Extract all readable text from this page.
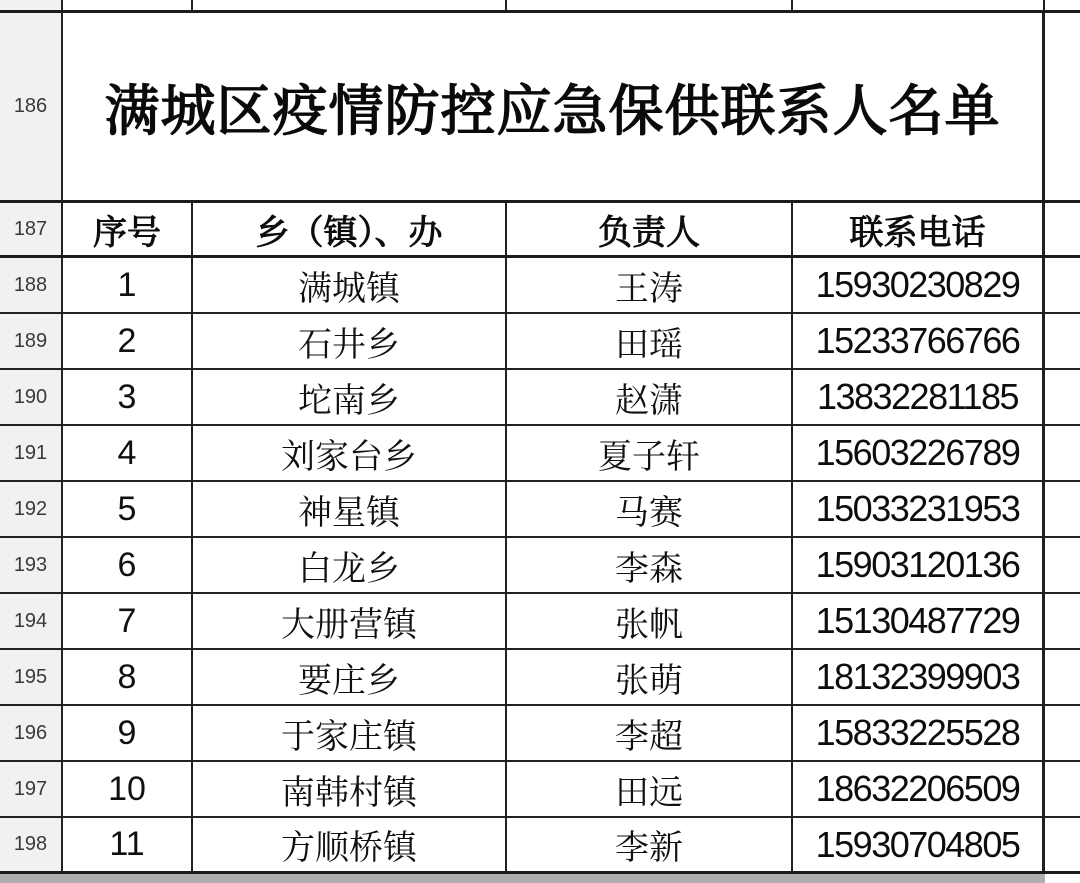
186 满城区疫情防控应急保供联系人名单
187 序号	乡（镇）、办	负责人	联系电话
188 1	满城镇	王涛	15930230829
189 2	石井乡	田瑶	15233766766
190 3	坨南乡	赵潇	13832281185
191 4	刘家台乡	夏子轩	15603226789
192 5	神星镇	马赛	15033231953
193 6	白龙乡	李森	15903120136
194 7	大册营镇	张帆	15130487729
195 8	要庄乡	张萌	18132399903
196 9	于家庄镇	李超	15833225528
197 10	南韩村镇	田远	18632206509
198 11	方顺桥镇	李新	15930704805
